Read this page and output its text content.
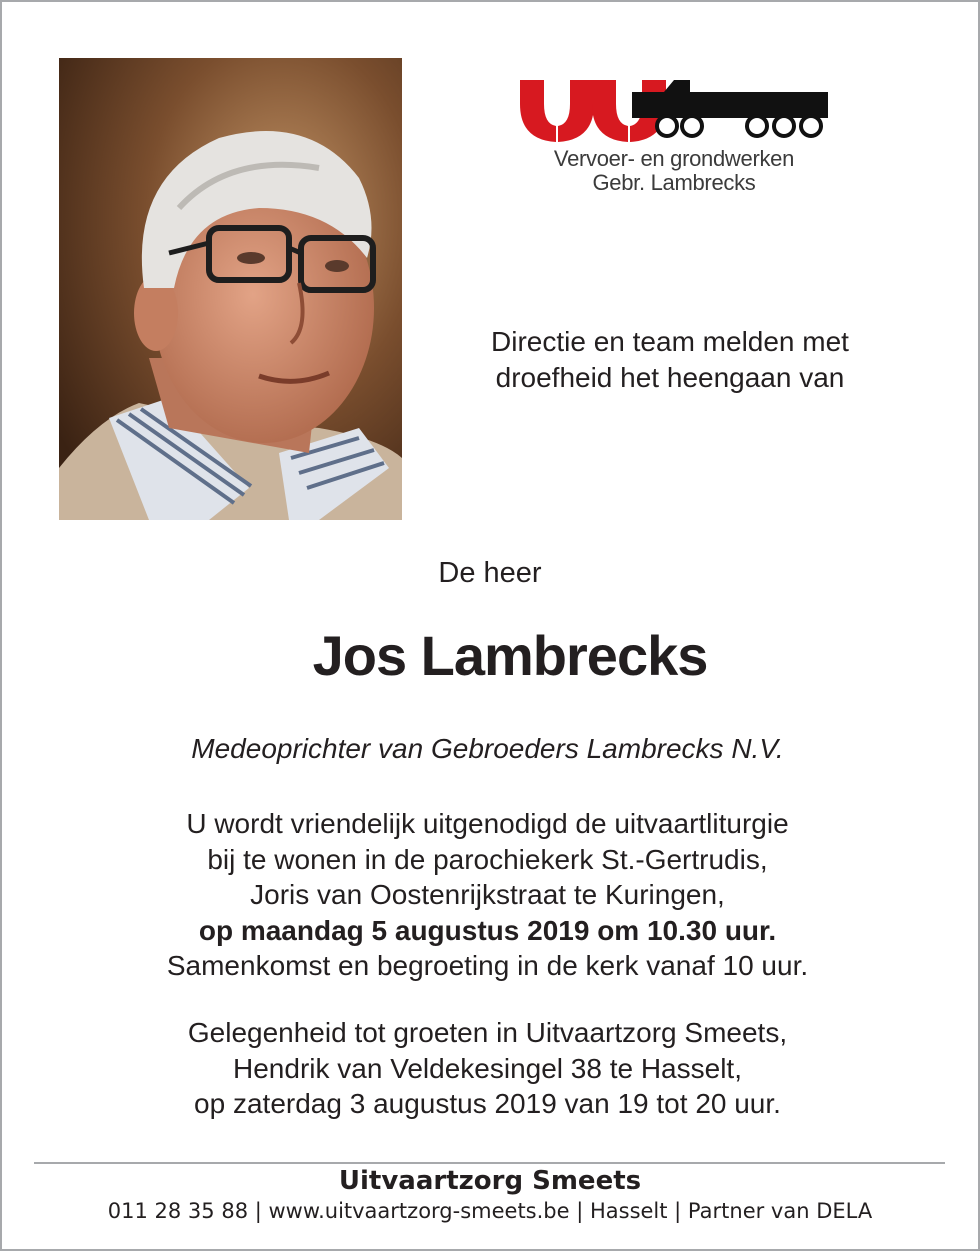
Vervoer- en grondwerken
Gebr. Lambrecks
Directie en team melden met
droefheid het heengaan van
De heer
Jos Lambrecks
Medeoprichter van Gebroeders Lambrecks N.V.
U wordt vriendelijk uitgenodigd de uitvaartliturgie
bij te wonen in de parochiekerk St.-Gertrudis,
Joris van Oostenrijkstraat te Kuringen,
op maandag 5 augustus 2019 om 10.30 uur.
Samenkomst en begroeting in de kerk vanaf 10 uur.
Gelegenheid tot groeten in Uitvaartzorg Smeets,
Hendrik van Veldekesingel 38 te Hasselt,
op zaterdag 3 augustus 2019 van 19 tot 20 uur.
Uitvaartzorg Smeets
011 28 35 88 | www.uitvaartzorg-smeets.be | Hasselt | Partner van DELA
